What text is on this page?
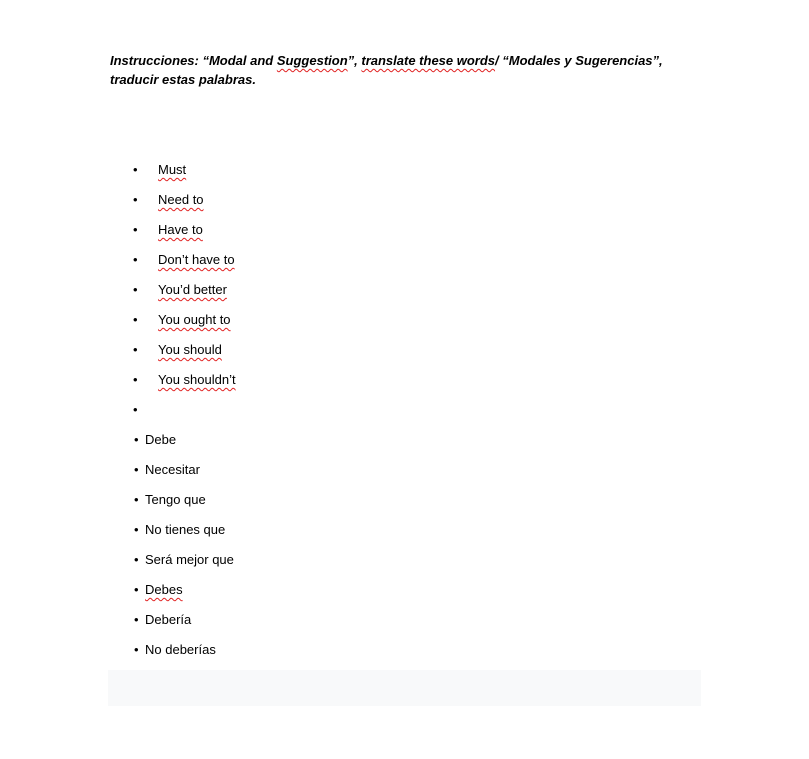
Instrucciones: “Modal and Suggestion”, translate these words/ “Modales y Sugerencias”, traducir estas palabras.

•	Must
•	Need to
•	Have to
•	Don’t have to
•	You’d better
•	You ought to
•	You should
•	You shouldn’t
•
• Debe
• Necesitar
• Tengo que
• No tienes que
• Será mejor que
• Debes
• Debería
• No deberías
